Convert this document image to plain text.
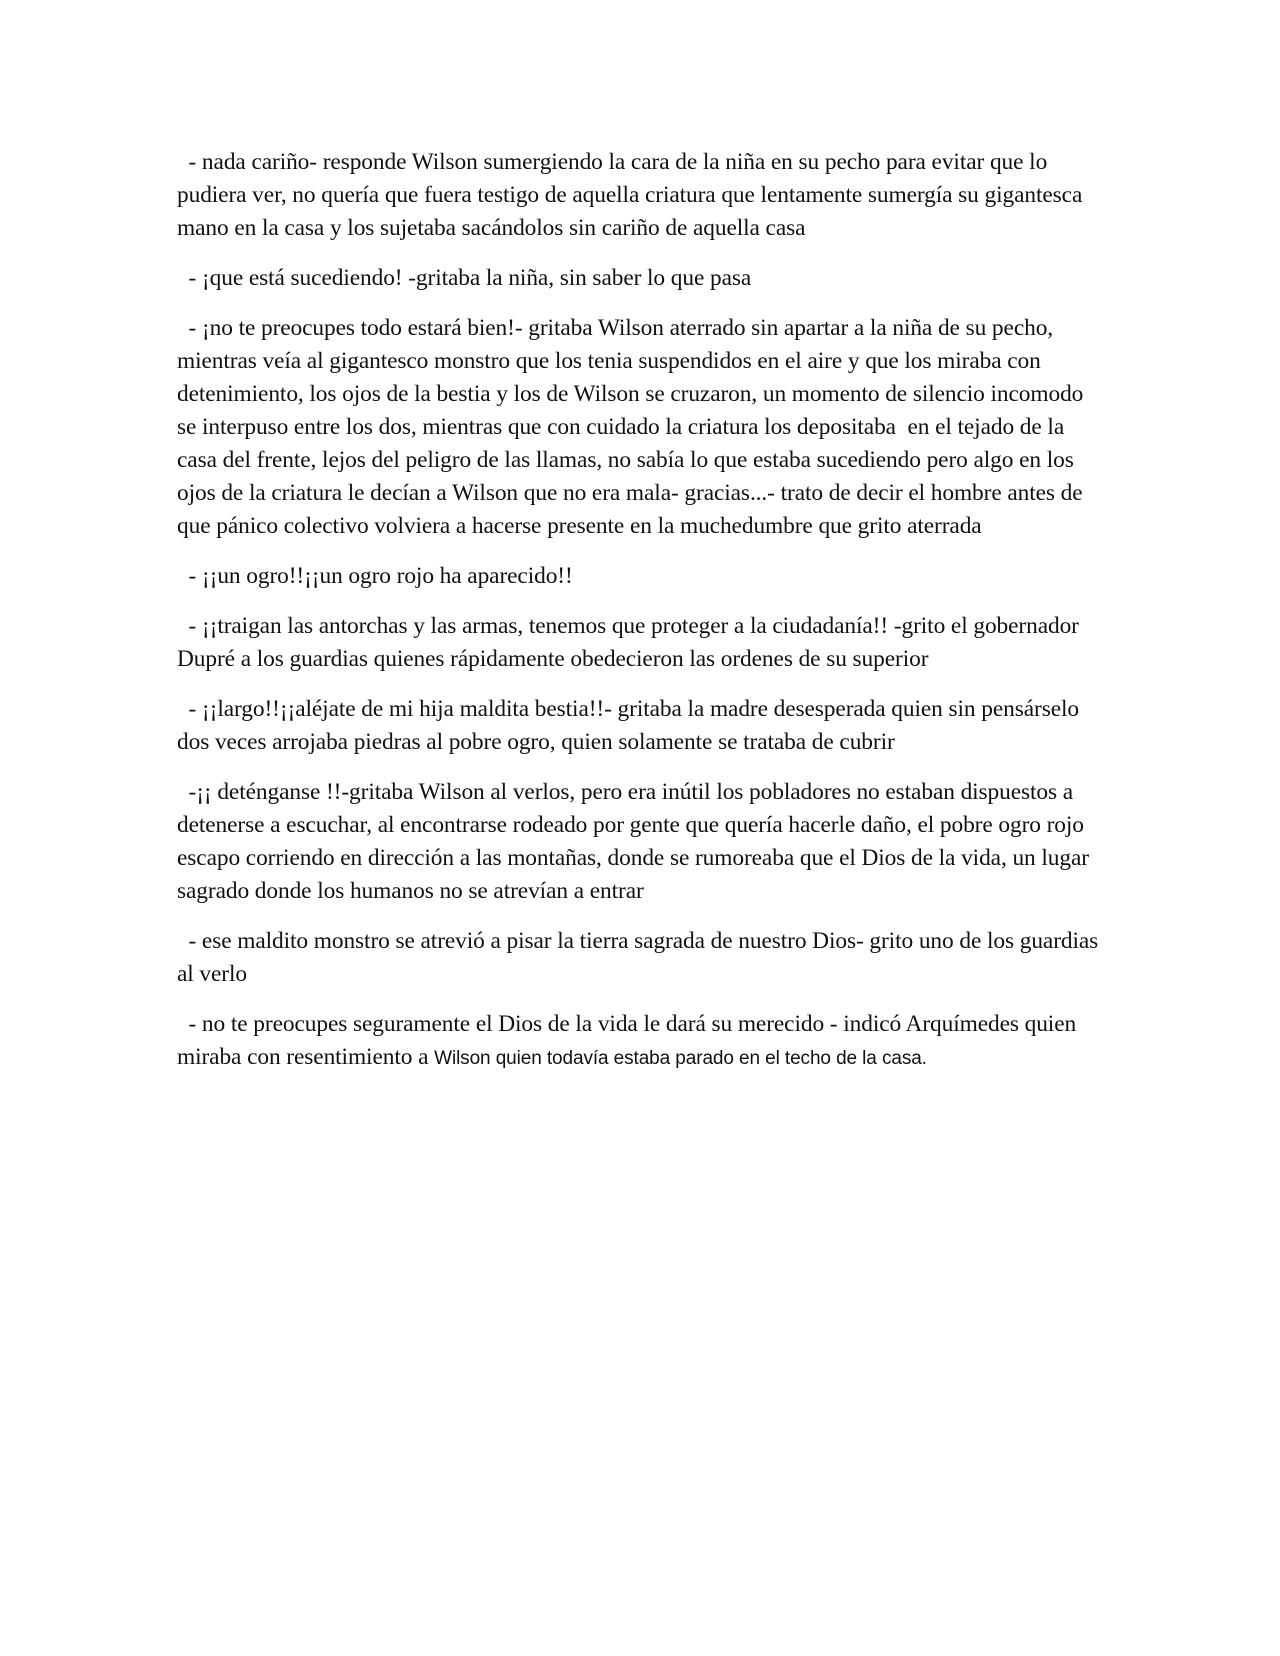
- nada cariño- responde Wilson sumergiendo la cara de la niña en su pecho para evitar que lo pudiera ver, no quería que fuera testigo de aquella criatura que lentamente sumergía su gigantesca mano en la casa y los sujetaba sacándolos sin cariño de aquella casa

- ¡que está sucediendo! -gritaba la niña, sin saber lo que pasa

- ¡no te preocupes todo estará bien!- gritaba Wilson aterrado sin apartar a la niña de su pecho, mientras veía al gigantesco monstro que los tenia suspendidos en el aire y que los miraba con detenimiento, los ojos de la bestia y los de Wilson se cruzaron, un momento de silencio incomodo se interpuso entre los dos, mientras que con cuidado la criatura los depositaba  en el tejado de la casa del frente, lejos del peligro de las llamas, no sabía lo que estaba sucediendo pero algo en los ojos de la criatura le decían a Wilson que no era mala- gracias...- trato de decir el hombre antes de que pánico colectivo volviera a hacerse presente en la muchedumbre que grito aterrada

- ¡¡un ogro!!¡¡un ogro rojo ha aparecido!!

- ¡¡traigan las antorchas y las armas, tenemos que proteger a la ciudadanía!! -grito el gobernador Dupré a los guardias quienes rápidamente obedecieron las ordenes de su superior

- ¡¡largo!!¡¡aléjate de mi hija maldita bestia!!- gritaba la madre desesperada quien sin pensárselo dos veces arrojaba piedras al pobre ogro, quien solamente se trataba de cubrir

-¡¡ deténganse !!-gritaba Wilson al verlos, pero era inútil los pobladores no estaban dispuestos a detenerse a escuchar, al encontrarse rodeado por gente que quería hacerle daño, el pobre ogro rojo escapo corriendo en dirección a las montañas, donde se rumoreaba que el Dios de la vida, un lugar sagrado donde los humanos no se atrevían a entrar

- ese maldito monstro se atrevió a pisar la tierra sagrada de nuestro Dios- grito uno de los guardias al verlo

- no te preocupes seguramente el Dios de la vida le dará su merecido - indicó Arquímedes quien miraba con resentimiento a Wilson quien todavía estaba parado en el techo de la casa.
